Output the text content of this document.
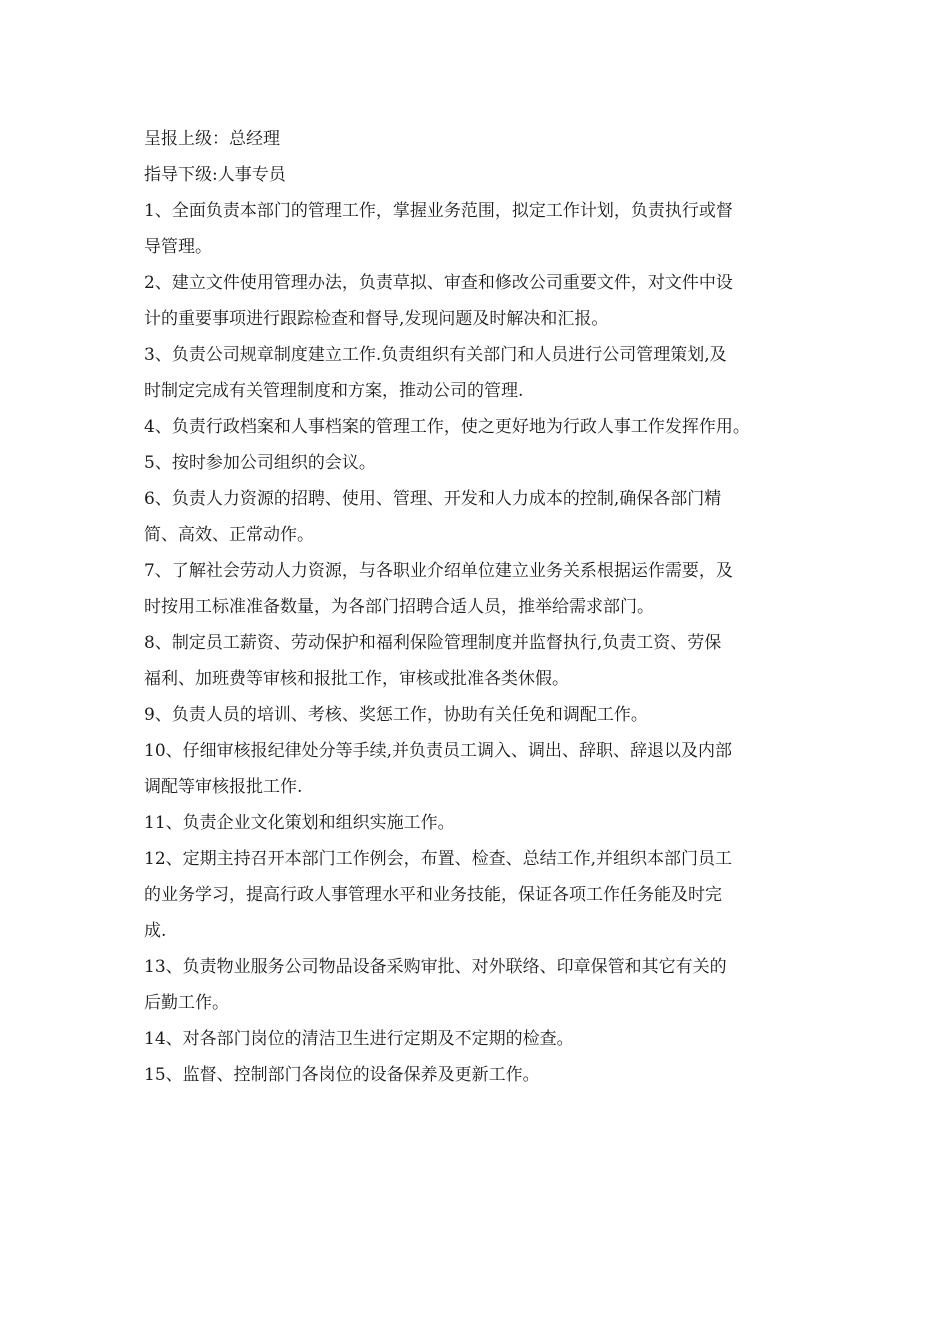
呈报上级：总经理
指导下级:人事专员
1、全面负责本部门的管理工作，掌握业务范围，拟定工作计划，负责执行或督
导管理。
2、建立文件使用管理办法，负责草拟、审查和修改公司重要文件，对文件中设
计的重要事项进行跟踪检查和督导,发现问题及时解决和汇报。
3、负责公司规章制度建立工作.负责组织有关部门和人员进行公司管理策划,及
时制定完成有关管理制度和方案，推动公司的管理.
4、负责行政档案和人事档案的管理工作，使之更好地为行政人事工作发挥作用。
5、按时参加公司组织的会议。
6、负责人力资源的招聘、使用、管理、开发和人力成本的控制,确保各部门精
简、高效、正常动作。
7、了解社会劳动人力资源，与各职业介绍单位建立业务关系根据运作需要，及
时按用工标准准备数量，为各部门招聘合适人员，推举给需求部门。
8、制定员工薪资、劳动保护和福利保险管理制度并监督执行,负责工资、劳保
福利、加班费等审核和报批工作，审核或批准各类休假。
9、负责人员的培训、考核、奖惩工作，协助有关任免和调配工作。
10、仔细审核报纪律处分等手续,并负责员工调入、调出、辞职、辞退以及内部
调配等审核报批工作.
11、负责企业文化策划和组织实施工作。
12、定期主持召开本部门工作例会，布置、检查、总结工作,并组织本部门员工
的业务学习，提高行政人事管理水平和业务技能，保证各项工作任务能及时完
成.
13、负责物业服务公司物品设备采购审批、对外联络、印章保管和其它有关的
后勤工作。
14、对各部门岗位的清洁卫生进行定期及不定期的检查。
15、监督、控制部门各岗位的设备保养及更新工作。
